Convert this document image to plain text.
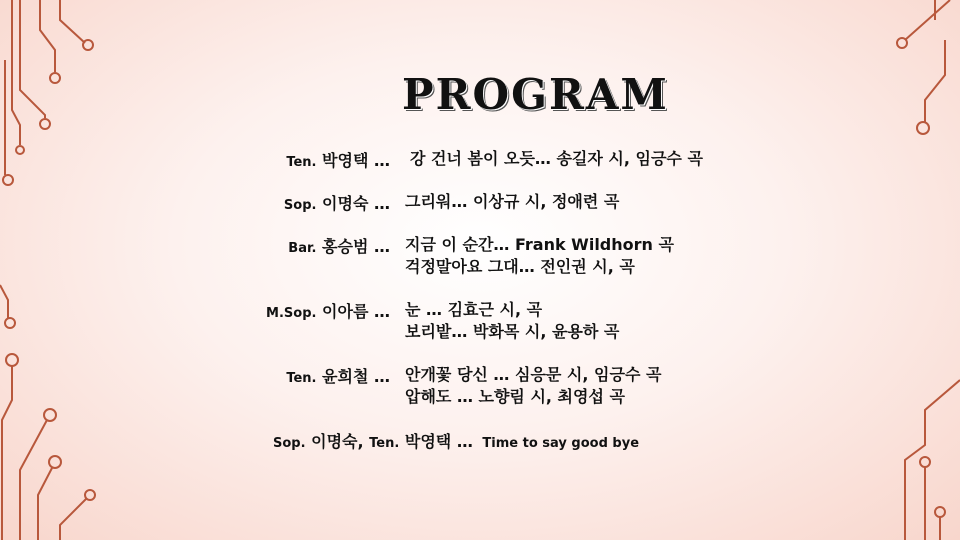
PROGRAM
Ten. 박영택 … 강 건너 봄이 오듯… 송길자 시, 임긍수 곡
Sop. 이명숙 … 그리워… 이상규 시, 정애련 곡
Bar. 홍승범 … 지금 이 순간… Frank Wildhorn 곡
걱정말아요 그대… 전인권 시, 곡
M.Sop. 이아름 … 눈 … 김효근 시, 곡
보리밭… 박화목 시, 윤용하 곡
Ten. 윤희철 … 안개꽃 당신 … 심응문 시, 임긍수 곡
압해도 … 노향림 시, 최영섭 곡
Sop. 이명숙, Ten. 박영택 … Time to say good bye
